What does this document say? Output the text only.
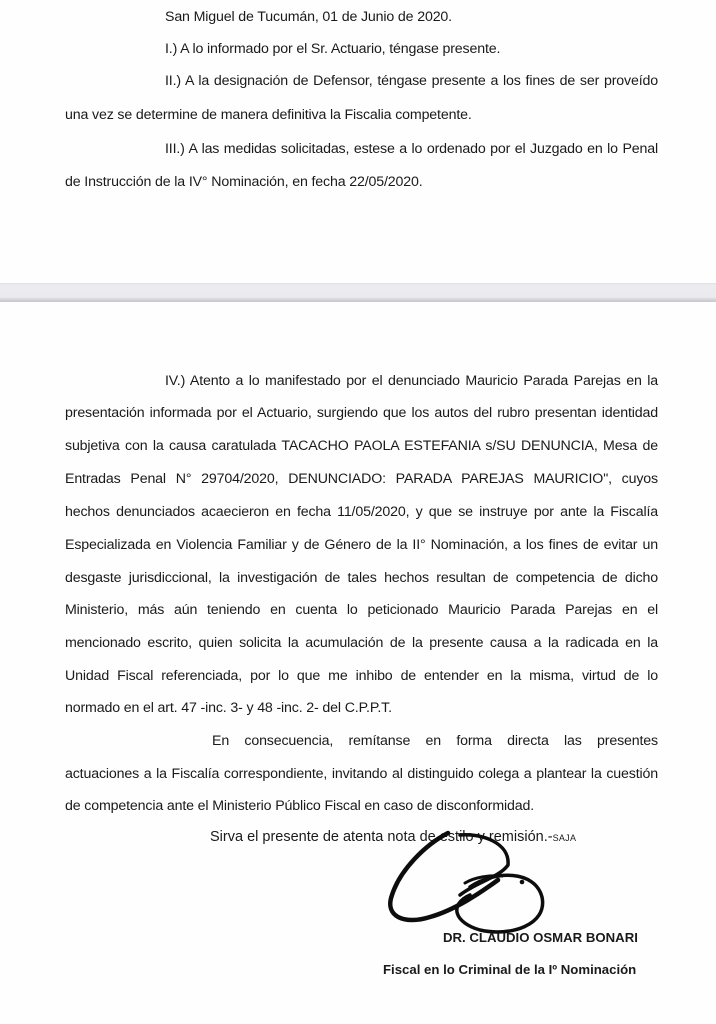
San Miguel de Tucumán, 01 de Junio de 2020.
I.) A lo informado por el Sr. Actuario, téngase presente.
II.) A la designación de Defensor, téngase presente a los fines de ser proveído
una vez se determine de manera definitiva la Fiscalia competente.
III.) A las medidas solicitadas, estese a lo ordenado por el Juzgado en lo Penal
de Instrucción de la IV° Nominación, en fecha 22/05/2020.
IV.) Atento a lo manifestado por el denunciado Mauricio Parada Parejas en la
presentación informada por el Actuario, surgiendo que los autos del rubro presentan identidad
subjetiva con la causa caratulada TACACHO PAOLA ESTEFANIA s/SU DENUNCIA, Mesa de
Entradas Penal N° 29704/2020, DENUNCIADO: PARADA PAREJAS MAURICIO", cuyos
hechos denunciados acaecieron en fecha 11/05/2020, y que se instruye por ante la Fiscalía
Especializada en Violencia Familiar y de Género de la II° Nominación, a los fines de evitar un
desgaste jurisdiccional, la investigación de tales hechos resultan de competencia de dicho
Ministerio, más aún teniendo en cuenta lo peticionado Mauricio Parada Parejas en el
mencionado escrito, quien solicita la acumulación de la presente causa a la radicada en la
Unidad Fiscal referenciada, por lo que me inhibo de entender en la misma, virtud de lo
normado en el art. 47 -inc. 3- y 48 -inc. 2- del C.P.P.T.
En consecuencia, remítanse en forma directa las presentes
actuaciones a la Fiscalía correspondiente, invitando al distinguido colega a plantear la cuestión
de competencia ante el Ministerio Público Fiscal en caso de disconformidad.
Sirva el presente de atenta nota de estilo y remisión.-SAJA
DR. CLAUDIO OSMAR BONARI
Fiscal en lo Criminal de la Iº Nominación
